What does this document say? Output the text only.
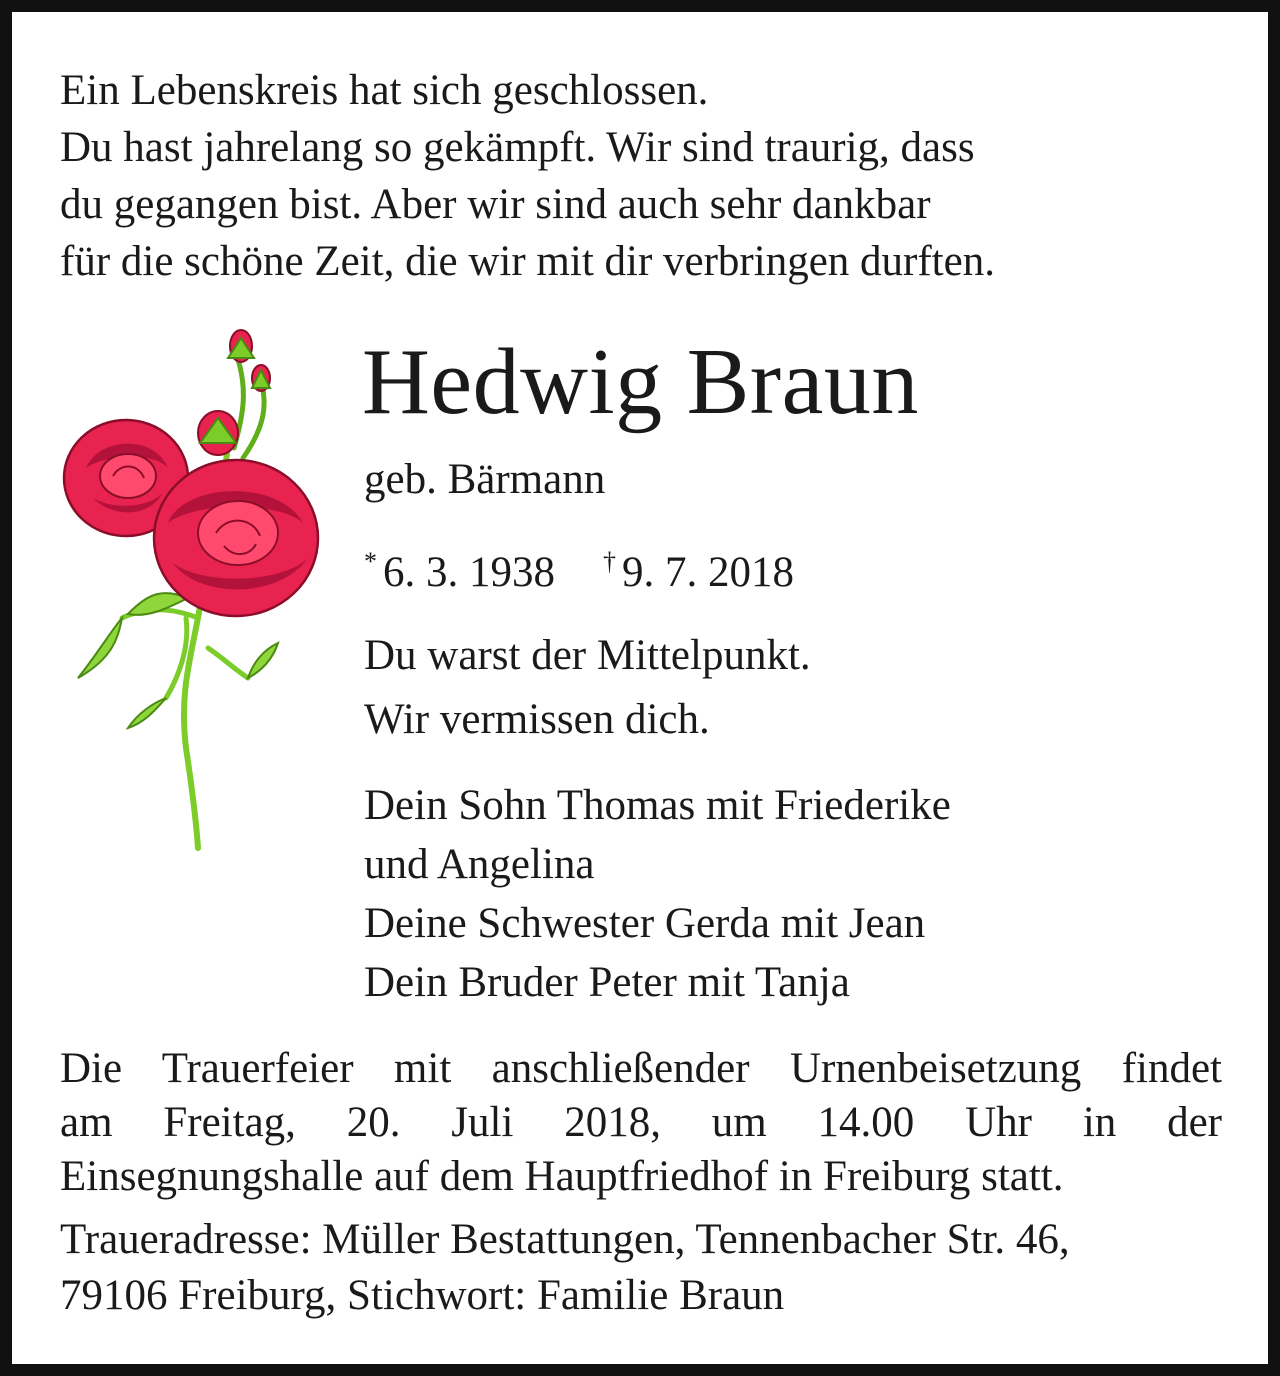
Ein Lebenskreis hat sich geschlossen.
Du hast jahrelang so gekämpft. Wir sind traurig, dass
du gegangen bist. Aber wir sind auch sehr dankbar
für die schöne Zeit, die wir mit dir verbringen durften.
Hedwig Braun
geb. Bärmann
* 6. 3. 1938 † 9. 7. 2018
Du warst der Mittelpunkt.
Wir vermissen dich.
Dein Sohn Thomas mit Friederike
und Angelina
Deine Schwester Gerda mit Jean
Dein Bruder Peter mit Tanja
Die Trauerfeier mit anschließender Urnenbeisetzung findet
am Freitag, 20. Juli 2018, um 14.00 Uhr in der
Einsegnungshalle auf dem Hauptfriedhof in Freiburg statt.
Traueradresse: Müller Bestattungen, Tennenbacher Str. 46,
79106 Freiburg, Stichwort: Familie Braun
